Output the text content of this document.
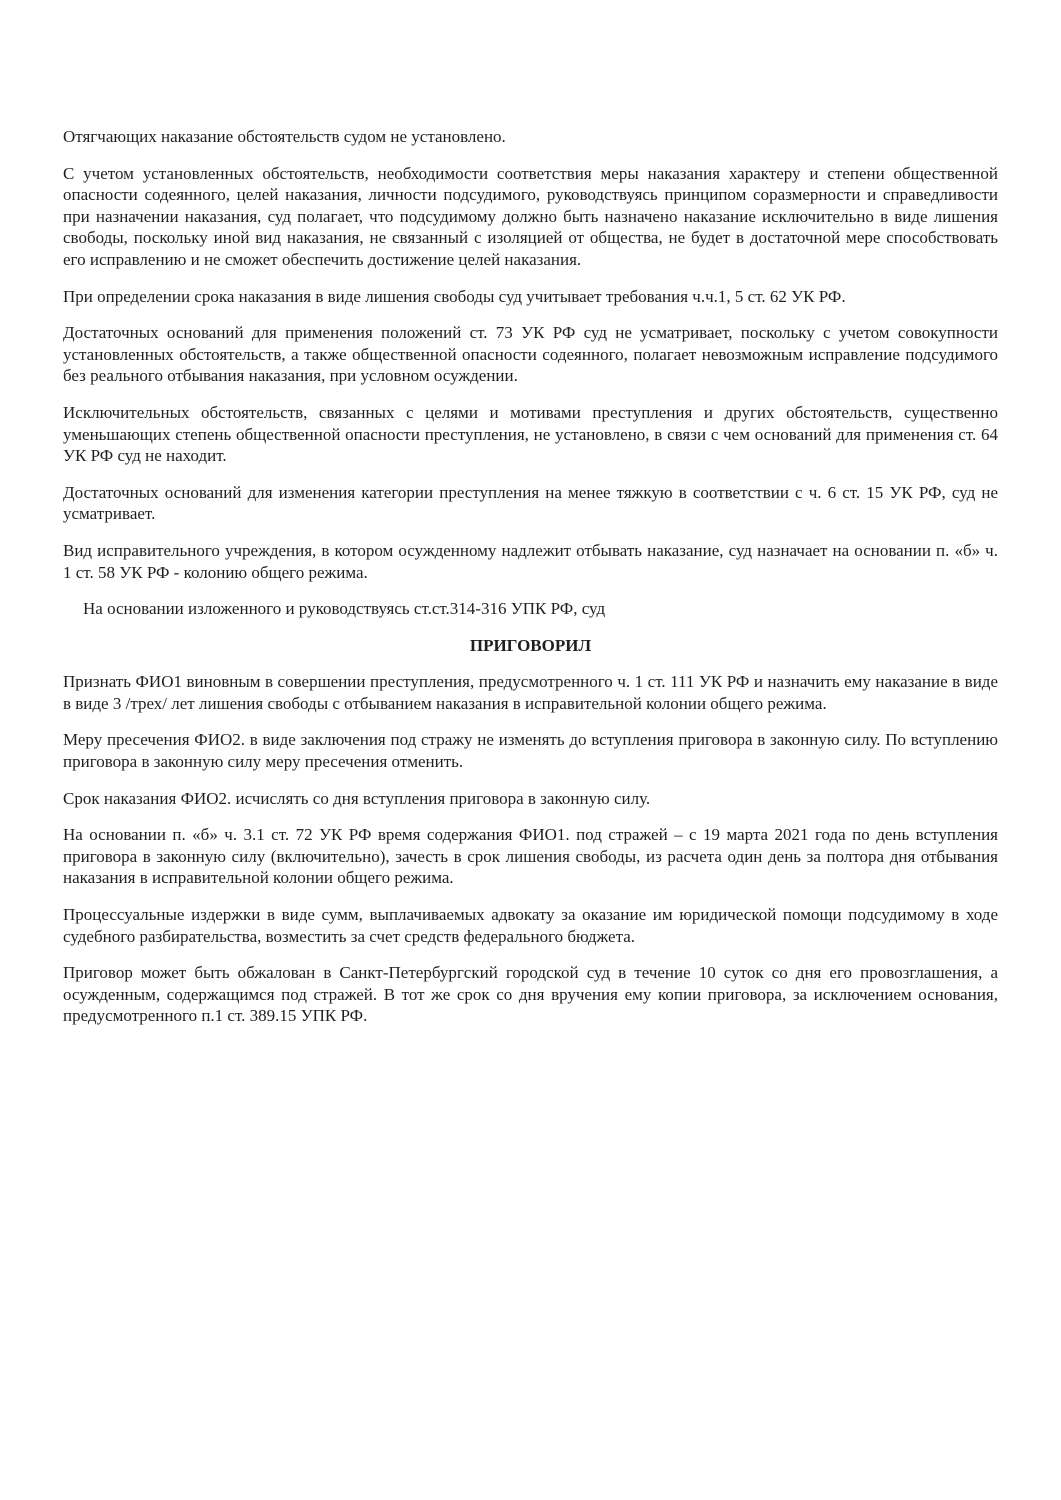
Отягчающих наказание обстоятельств судом не установлено.

С учетом установленных обстоятельств, необходимости соответствия меры наказания характеру и степени общественной опасности содеянного, целей наказания, личности подсудимого, руководствуясь принципом соразмерности и справедливости при назначении наказания, суд полагает, что подсудимому должно быть назначено наказание исключительно в виде лишения свободы, поскольку иной вид наказания, не связанный с изоляцией от общества, не будет в достаточной мере способствовать его исправлению и не сможет обеспечить достижение целей наказания.

При определении срока наказания в виде лишения свободы суд учитывает требования ч.ч.1, 5 ст. 62 УК РФ.

Достаточных оснований для применения положений ст. 73 УК РФ суд не усматривает, поскольку с учетом совокупности установленных обстоятельств, а также общественной опасности содеянного, полагает невозможным исправление подсудимого без реального отбывания наказания, при условном осуждении.

Исключительных обстоятельств, связанных с целями и мотивами преступления и других обстоятельств, существенно уменьшающих степень общественной опасности преступления, не установлено, в связи с чем оснований для применения ст. 64 УК РФ суд не находит.

Достаточных оснований для изменения категории преступления на менее тяжкую в соответствии с ч. 6 ст. 15 УК РФ, суд не усматривает.

Вид исправительного учреждения, в котором осужденному надлежит отбывать наказание, суд назначает на основании п. «б» ч. 1 ст. 58 УК РФ - колонию общего режима.

На основании изложенного и руководствуясь ст.ст.314-316 УПК РФ, суд

ПРИГОВОРИЛ

Признать ФИО1 виновным в совершении преступления, предусмотренного ч. 1 ст. 111 УК РФ и назначить ему наказание в виде в виде 3 /трех/ лет лишения свободы с отбыванием наказания в исправительной колонии общего режима.

Меру пресечения ФИО2. в виде заключения под стражу не изменять до вступления приговора в законную силу. По вступлению приговора в законную силу меру пресечения отменить.

Срок наказания ФИО2. исчислять со дня вступления приговора в законную силу.

На основании п. «б» ч. 3.1 ст. 72 УК РФ время содержания ФИО1. под стражей – с 19 марта 2021 года по день вступления приговора в законную силу (включительно), зачесть в срок лишения свободы, из расчета один день за полтора дня отбывания наказания в исправительной колонии общего режима.

Процессуальные издержки в виде сумм, выплачиваемых адвокату за оказание им юридической помощи подсудимому в ходе судебного разбирательства, возместить за счет средств федерального бюджета.

Приговор может быть обжалован в Санкт-Петербургский городской суд в течение 10 суток со дня его провозглашения, а осужденным, содержащимся под стражей. В тот же срок со дня вручения ему копии приговора, за исключением основания, предусмотренного п.1 ст. 389.15 УПК РФ.
